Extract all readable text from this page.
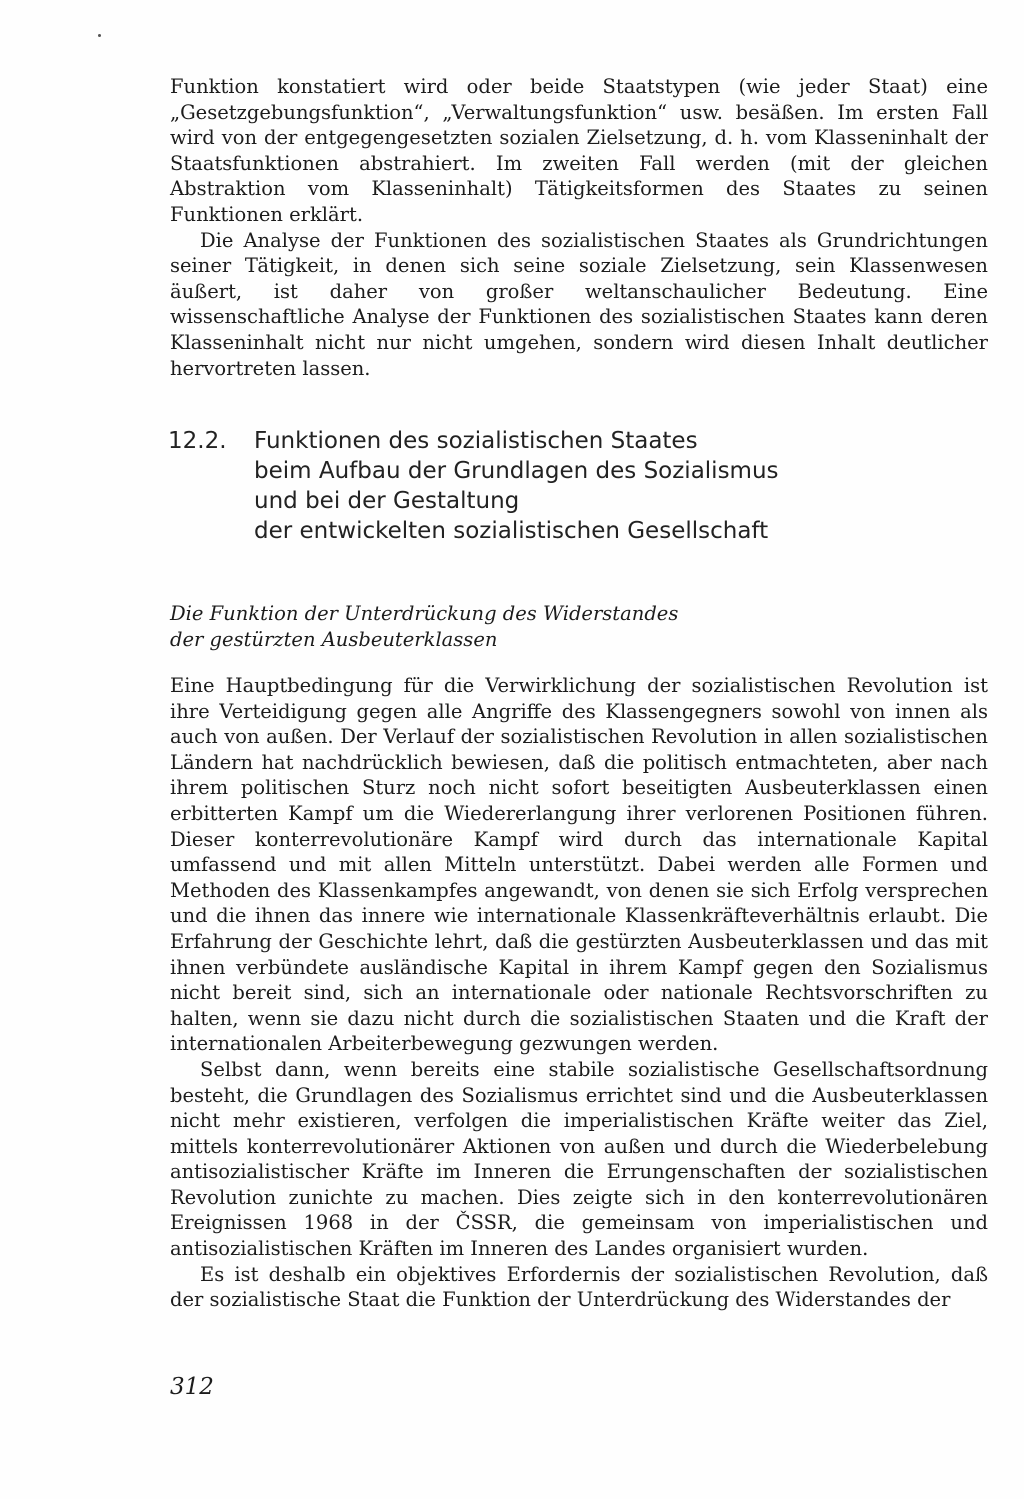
Funktion konstatiert wird oder beide Staatstypen (wie jeder Staat) eine „Gesetzgebungsfunktion“, „Verwaltungsfunktion“ usw. besäßen. Im ersten Fall wird von der entgegengesetzten sozialen Zielsetzung, d. h. vom Klasseninhalt der Staatsfunktionen abstrahiert. Im zweiten Fall werden (mit der gleichen Abstraktion vom Klasseninhalt) Tätigkeitsformen des Staates zu seinen Funktionen erklärt.

Die Analyse der Funktionen des sozialistischen Staates als Grundrichtungen seiner Tätigkeit, in denen sich seine soziale Zielsetzung, sein Klassenwesen äußert, ist daher von großer weltanschaulicher Bedeutung. Eine wissenschaftliche Analyse der Funktionen des sozialistischen Staates kann deren Klasseninhalt nicht nur nicht umgehen, sondern wird diesen Inhalt deutlicher hervortreten lassen.

12.2.	Funktionen des sozialistischen Staates
beim Aufbau der Grundlagen des Sozialismus
und bei der Gestaltung
der entwickelten sozialistischen Gesellschaft
Die Funktion der Unterdrückung des Widerstandes
der gestürzten Ausbeuterklassen

Eine Hauptbedingung für die Verwirklichung der sozialistischen Revolution ist ihre Verteidigung gegen alle Angriffe des Klassengegners sowohl von innen als auch von außen. Der Verlauf der sozialistischen Revolution in allen sozialistischen Ländern hat nachdrücklich bewiesen, daß die politisch entmachteten, aber nach ihrem politischen Sturz noch nicht sofort beseitigten Ausbeuterklassen einen erbitterten Kampf um die Wiedererlangung ihrer verlorenen Positionen führen. Dieser konterrevolutionäre Kampf wird durch das internationale Kapital umfassend und mit allen Mitteln unterstützt. Dabei werden alle Formen und Methoden des Klassenkampfes angewandt, von denen sie sich Erfolg versprechen und die ihnen das innere wie internationale Klassenkräfteverhältnis erlaubt. Die Erfahrung der Geschichte lehrt, daß die gestürzten Ausbeuterklassen und das mit ihnen verbündete ausländische Kapital in ihrem Kampf gegen den Sozialismus nicht bereit sind, sich an internationale oder nationale Rechtsvorschriften zu halten, wenn sie dazu nicht durch die sozialistischen Staaten und die Kraft der internationalen Arbeiterbewegung gezwungen werden.

Selbst dann, wenn bereits eine stabile sozialistische Gesellschaftsordnung besteht, die Grundlagen des Sozialismus errichtet sind und die Ausbeuterklassen nicht mehr existieren, verfolgen die imperialistischen Kräfte weiter das Ziel, mittels konterrevolutionärer Aktionen von außen und durch die Wiederbelebung antisozialistischer Kräfte im Inneren die Errungenschaften der sozialistischen Revolution zunichte zu machen. Dies zeigte sich in den konterrevolutionären Ereignissen 1968 in der ČSSR, die gemeinsam von imperialistischen und antisozialistischen Kräften im Inneren des Landes organisiert wurden.

Es ist deshalb ein objektives Erfordernis der sozialistischen Revolution, daß der sozialistische Staat die Funktion der Unterdrückung des Widerstandes der

312
